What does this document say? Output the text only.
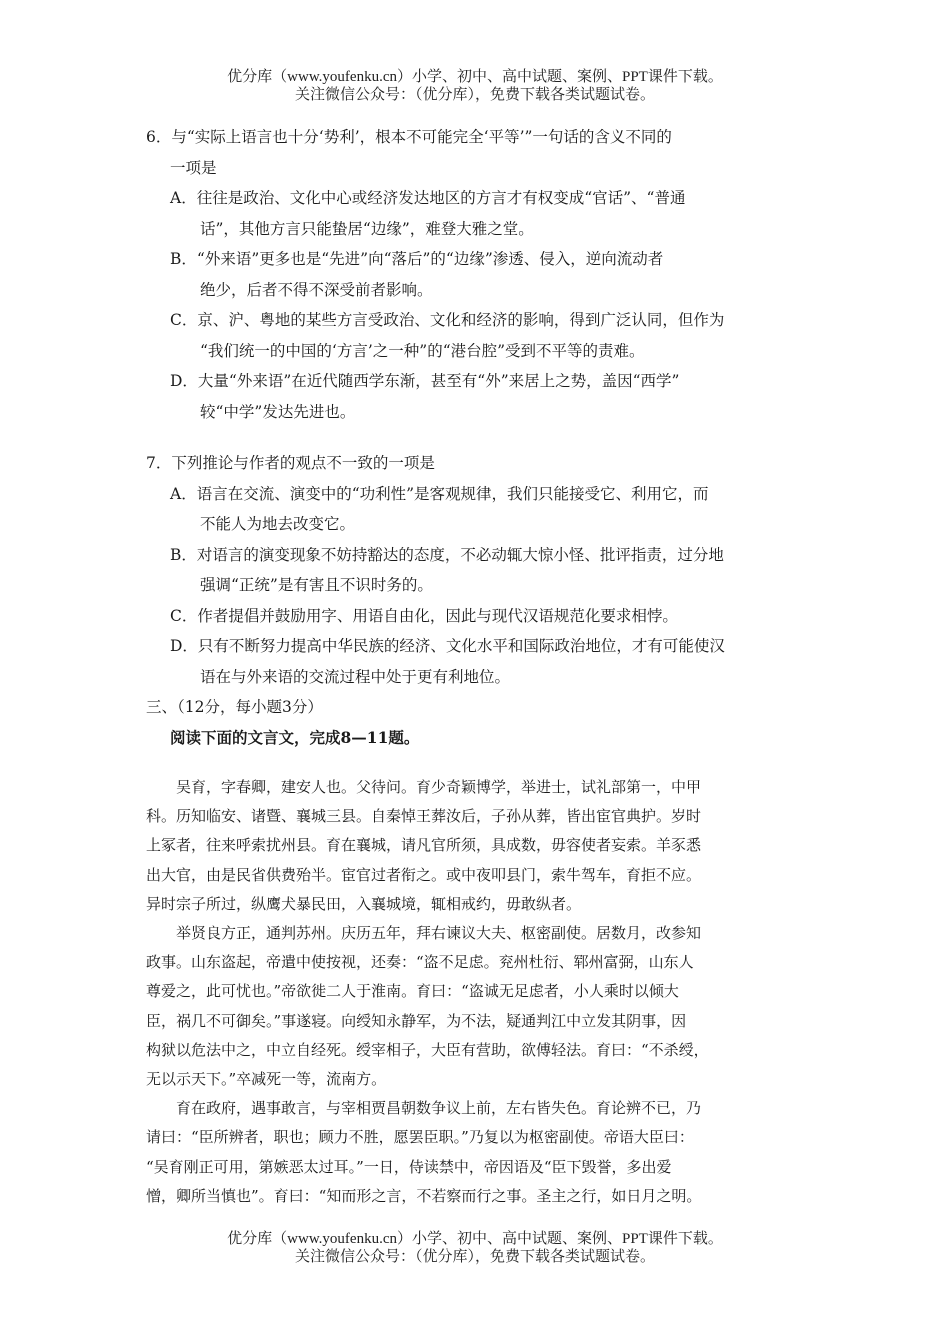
优分库（www.youfenku.cn）小学、初中、高中试题、案例、PPT课件下载。
关注微信公众号：（优分库），免费下载各类试题试卷。

6．与“实际上语言也十分‘势利’，根本不可能完全‘平等’”一句话的含义不同的

一项是

A．往往是政治、文化中心或经济发达地区的方言才有权变成“官话”、“普通

话”，其他方言只能蛰居“边缘”，难登大雅之堂。

B．“外来语”更多也是“先进”向“落后”的“边缘”渗透、侵入，逆向流动者

绝少，后者不得不深受前者影响。

C．京、沪、粤地的某些方言受政治、文化和经济的影响，得到广泛认同，但作为

“我们统一的中国的‘方言’之一种”的“港台腔”受到不平等的责难。

D．大量“外来语”在近代随西学东渐，甚至有“外”来居上之势，盖因“西学”

较“中学”发达先进也。

7．下列推论与作者的观点不一致的一项是

A．语言在交流、演变中的“功利性”是客观规律，我们只能接受它、利用它，而

不能人为地去改变它。

B．对语言的演变现象不妨持豁达的态度，不必动辄大惊小怪、批评指责，过分地

强调“正统”是有害且不识时务的。

C．作者提倡并鼓励用字、用语自由化，因此与现代汉语规范化要求相悖。

D．只有不断努力提高中华民族的经济、文化水平和国际政治地位，才有可能使汉

语在与外来语的交流过程中处于更有利地位。

三、（12分，每小题3分）

阅读下面的文言文，完成8—11题。

　　吴育，字春卿，建安人也。父待问。育少奇颖博学，举进士，试礼部第一，中甲

科。历知临安、诸暨、襄城三县。自秦悼王葬汝后，子孙从葬，皆出宦官典护。岁时

上冢者，往来呼索扰州县。育在襄城，请凡官所须，具成数，毋容使者妄索。羊豕悉

出大官，由是民省供费殆半。宦官过者衔之。或中夜叩县门，索牛驾车，育拒不应。

异时宗子所过，纵鹰犬暴民田，入襄城境，辄相戒约，毋敢纵者。

　　举贤良方正，通判苏州。庆历五年，拜右谏议大夫、枢密副使。居数月，改参知

政事。山东盗起，帝遣中使按视，还奏：“盗不足虑。兖州杜衍、郓州富弼，山东人

尊爱之，此可忧也。”帝欲徙二人于淮南。育曰：“盗诚无足虑者，小人乘时以倾大

臣，祸几不可御矣。”事遂寝。向绶知永静军，为不法，疑通判江中立发其阴事，因

构狱以危法中之，中立自经死。绶宰相子，大臣有营助，欲傅轻法。育曰：“不杀绶，

无以示天下。”卒减死一等，流南方。

　　育在政府，遇事敢言，与宰相贾昌朝数争议上前，左右皆失色。育论辨不已，乃

请曰：“臣所辨者，职也；顾力不胜，愿罢臣职。”乃复以为枢密副使。帝语大臣曰：

“吴育刚正可用，第嫉恶太过耳。”一日，侍读禁中，帝因语及“臣下毁誉，多出爱

憎，卿所当慎也”。育曰：“知而形之言，不若察而行之事。圣主之行，如日月之明。

优分库（www.youfenku.cn）小学、初中、高中试题、案例、PPT课件下载。
关注微信公众号：（优分库），免费下载各类试题试卷。
